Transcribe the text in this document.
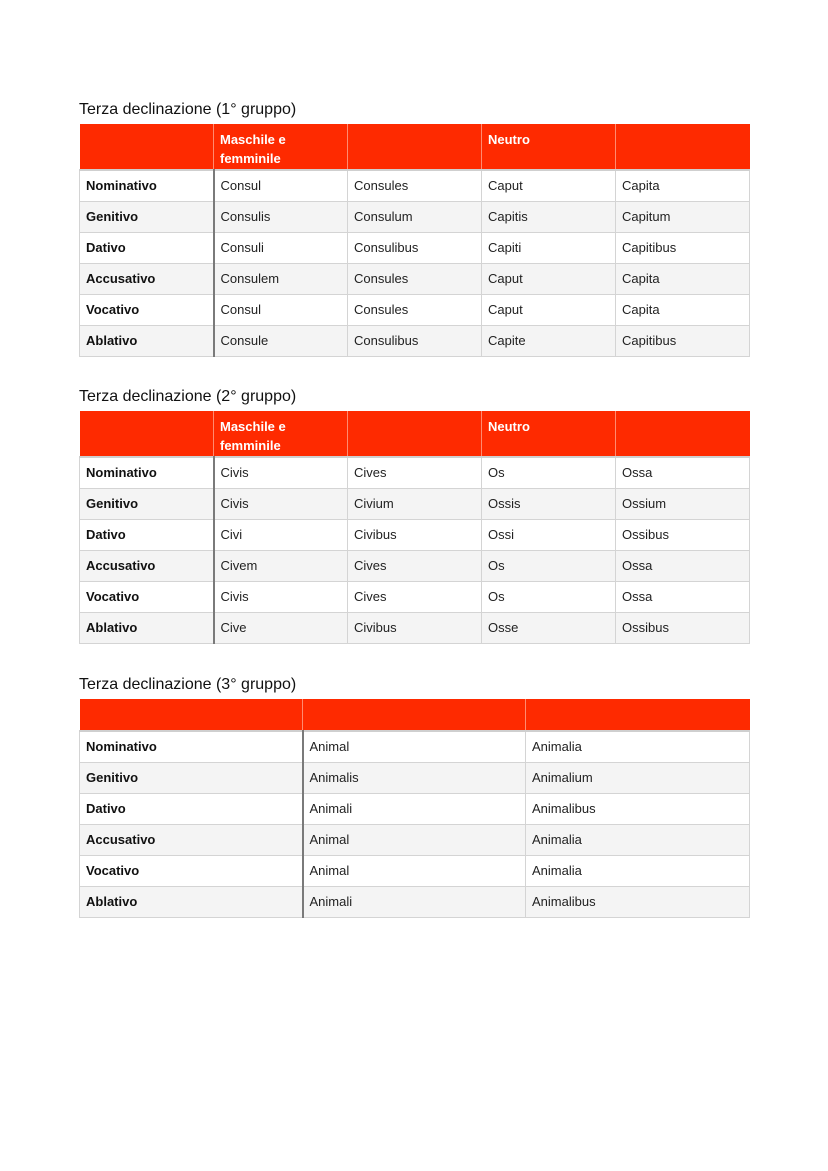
Terza declinazione (1° gruppo)
	Maschile e femminile		Neutro	
Nominativo	Consul	Consules	Caput	Capita
Genitivo	Consulis	Consulum	Capitis	Capitum
Dativo	Consuli	Consulibus	Capiti	Capitibus
Accusativo	Consulem	Consules	Caput	Capita
Vocativo	Consul	Consules	Caput	Capita
Ablativo	Consule	Consulibus	Capite	Capitibus
Terza declinazione (2° gruppo)
	Maschile e femminile		Neutro	
Nominativo	Civis	Cives	Os	Ossa
Genitivo	Civis	Civium	Ossis	Ossium
Dativo	Civi	Civibus	Ossi	Ossibus
Accusativo	Civem	Cives	Os	Ossa
Vocativo	Civis	Cives	Os	Ossa
Ablativo	Cive	Civibus	Osse	Ossibus
Terza declinazione (3° gruppo)

Nominativo	Animal	Animalia
Genitivo	Animalis	Animalium
Dativo	Animali	Animalibus
Accusativo	Animal	Animalia
Vocativo	Animal	Animalia
Ablativo	Animali	Animalibus
